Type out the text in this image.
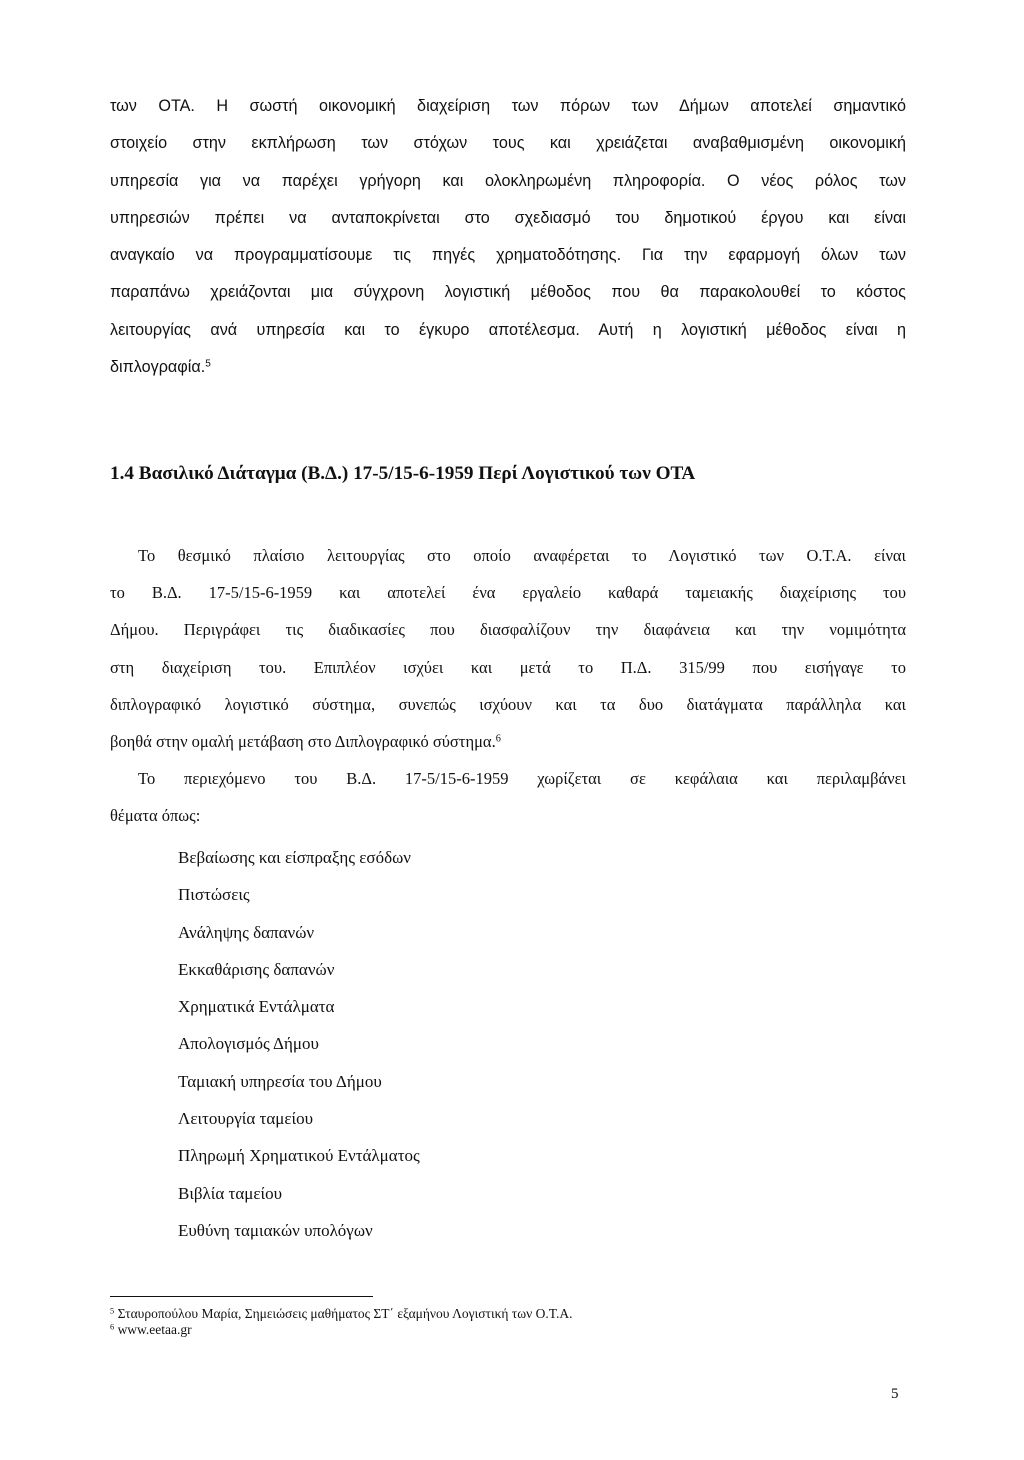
των ΟΤΑ. Η σωστή οικονομική διαχείριση των πόρων των Δήμων αποτελεί σημαντικό
στοιχείο στην εκπλήρωση των στόχων τους και χρειάζεται αναβαθμισμένη οικονομική
υπηρεσία για να παρέχει γρήγορη και ολοκληρωμένη πληροφορία. Ο νέος ρόλος των
υπηρεσιών πρέπει να ανταποκρίνεται στο σχεδιασμό του δημοτικού έργου και είναι
αναγκαίο να προγραμματίσουμε τις πηγές χρηματοδότησης. Για την εφαρμογή όλων των
παραπάνω χρειάζονται μια σύγχρονη λογιστική μέθοδος που θα παρακολουθεί το κόστος
λειτουργίας ανά υπηρεσία και το έγκυρο αποτέλεσμα. Αυτή η λογιστική μέθοδος είναι η
διπλογραφία.$^5$
1.4 Βασιλικό Διάταγμα (Β.Δ.) 17-5/15-6-1959 Περί Λογιστικού των ΟΤΑ
Το θεσμικό πλαίσιο λειτουργίας στο οποίο αναφέρεται το Λογιστικό των Ο.Τ.Α. είναι
το Β.Δ. 17-5/15-6-1959 και αποτελεί ένα εργαλείο καθαρά ταμειακής διαχείρισης του
Δήμου. Περιγράφει τις διαδικασίες που διασφαλίζουν την διαφάνεια και την νομιμότητα
στη διαχείριση του. Επιπλέον ισχύει και μετά το Π.Δ. 315/99 που εισήγαγε το
διπλογραφικό λογιστικό σύστημα, συνεπώς ισχύουν και τα δυο διατάγματα παράλληλα και
βοηθά στην ομαλή μετάβαση στο Διπλογραφικό σύστημα.$^6$
Το περιεχόμενο του Β.Δ. 17-5/15-6-1959 χωρίζεται σε κεφάλαια και περιλαμβάνει
θέματα όπως:
Βεβαίωσης και είσπραξης εσόδων
Πιστώσεις
Ανάληψης δαπανών
Εκκαθάρισης δαπανών
Χρηματικά Εντάλματα
Απολογισμός Δήμου
Ταμιακή υπηρεσία του Δήμου
Λειτουργία ταμείου
Πληρωμή Χρηματικού Εντάλματος
Βιβλία ταμείου
Ευθύνη ταμιακών υπολόγων
$^5$ Σταυροπούλου Μαρία, Σημειώσεις μαθήματος ΣΤ΄ εξαμήνου Λογιστική των Ο.Τ.Α.
$^6$ www.eetaa.gr
5
